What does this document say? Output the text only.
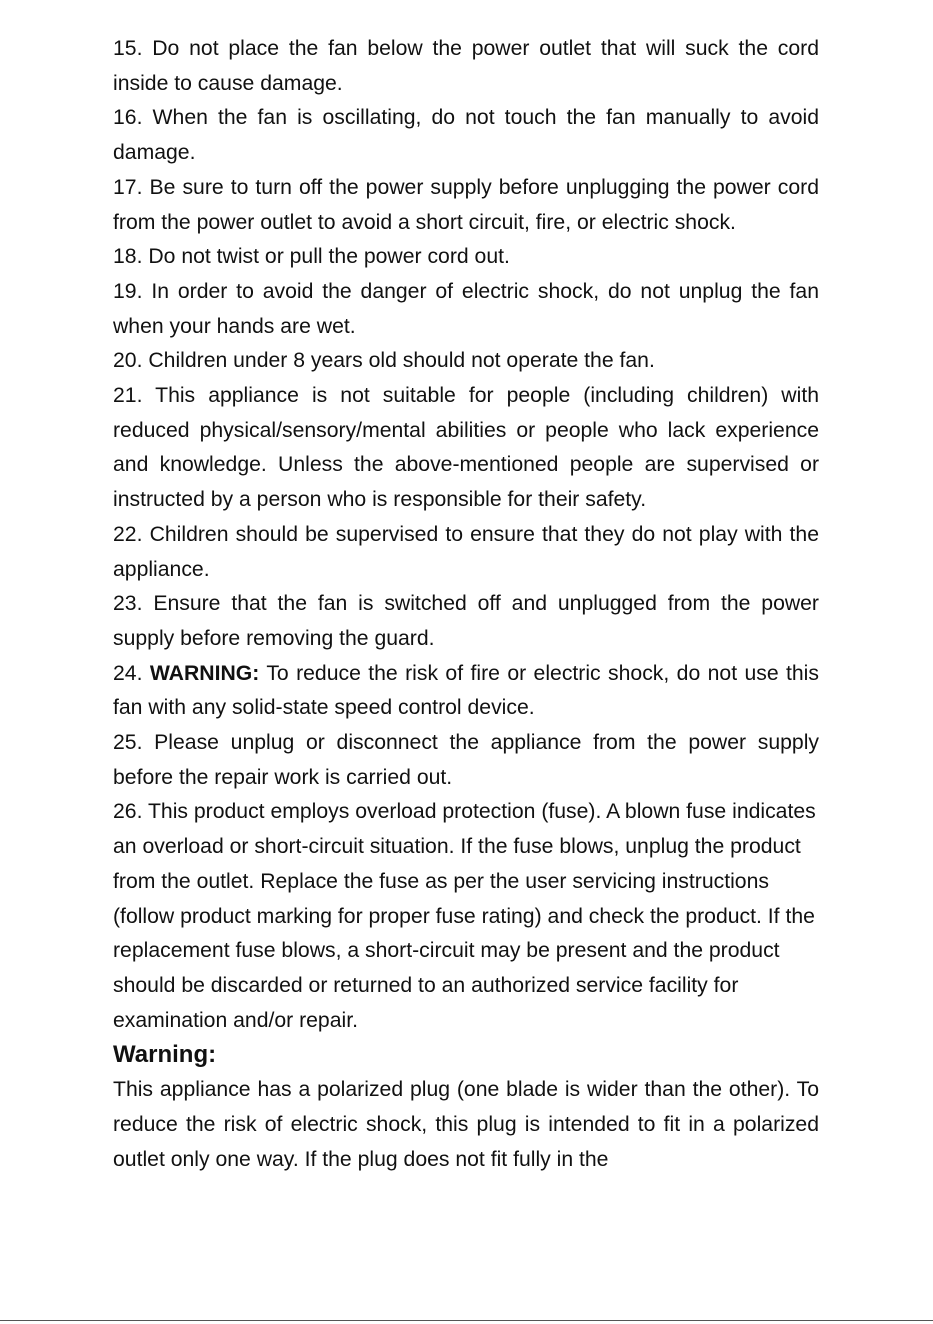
15. Do not place the fan below the power outlet that will suck the cord inside to cause damage.

16. When the fan is oscillating, do not touch the fan manually to avoid damage.

17. Be sure to turn off the power supply before unplugging the power cord from the power outlet to avoid a short circuit, fire, or electric shock.

18. Do not twist or pull the power cord out.

19. In order to avoid the danger of electric shock, do not unplug the fan when your hands are wet.

20. Children under 8 years old should not operate the fan.

21. This appliance is not suitable for people (including children) with reduced physical/sensory/mental abilities or people who lack experience and knowledge. Unless the above-mentioned people are supervised or instructed by a person who is responsible for their safety.

22. Children should be supervised to ensure that they do not play with the appliance.

23. Ensure that the fan is switched off and unplugged from the power supply before removing the guard.

24. WARNING: To reduce the risk of fire or electric shock, do not use this fan with any solid-state speed control device.

25. Please unplug or disconnect the appliance from the power supply before the repair work is carried out.

26. This product employs overload protection (fuse). A blown fuse indicates an overload or short-circuit situation. If the fuse blows, unplug the product from the outlet. Replace the fuse as per the user servicing instructions (follow product marking for proper fuse rating) and check the product. If the replacement fuse blows, a short-circuit may be present and the product should be discarded or returned to an authorized service facility for examination and/or repair.

Warning:

This appliance has a polarized plug (one blade is wider than the other). To reduce the risk of electric shock, this plug is intended to fit in a polarized outlet only one way. If the plug does not fit fully in the
